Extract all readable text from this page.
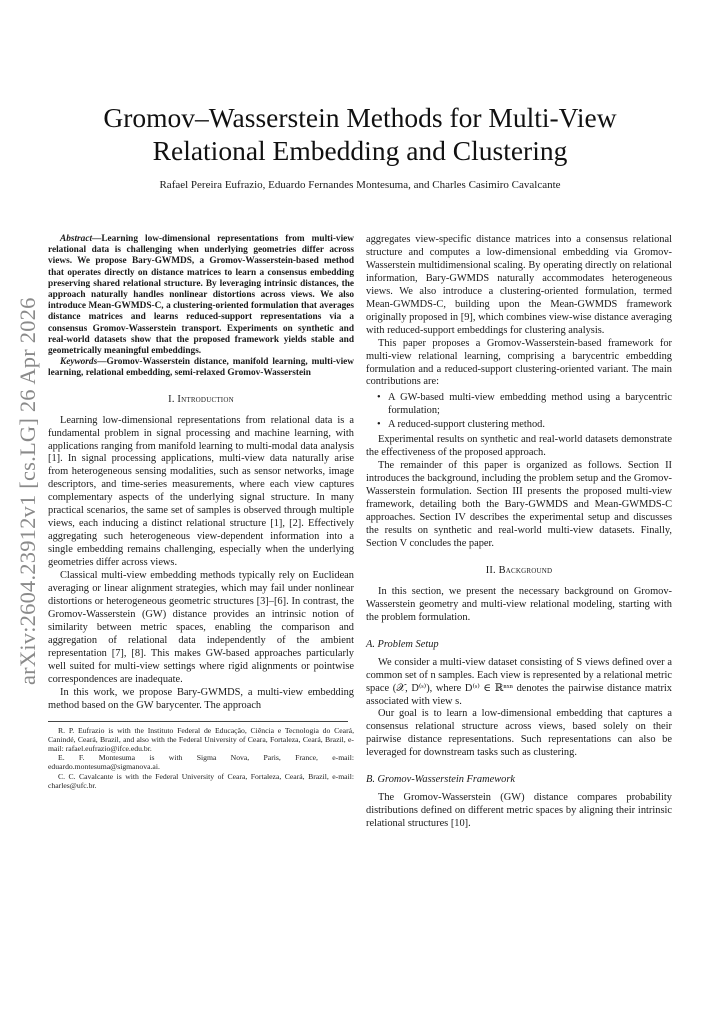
arXiv:2604.23912v1 [cs.LG] 26 Apr 2026
Gromov–Wasserstein Methods for Multi-View
Relational Embedding and Clustering
Rafael Pereira Eufrazio, Eduardo Fernandes Montesuma, and Charles Casimiro Cavalcante

Abstract—Learning low-dimensional representations from multi-view relational data is challenging when underlying geometries differ across views. We propose Bary-GWMDS, a Gromov-Wasserstein-based method that operates directly on distance matrices to learn a consensus embedding preserving shared relational structure. By leveraging intrinsic distances, the approach naturally handles nonlinear distortions across views. We also introduce Mean-GWMDS-C, a clustering-oriented formulation that averages distance matrices and learns reduced-support representations via a consensus Gromov-Wasserstein transport. Experiments on synthetic and real-world datasets show that the proposed framework yields stable and geometrically meaningful embeddings.

Keywords—Gromov-Wasserstein distance, manifold learning, multi-view learning, relational embedding, semi-relaxed Gromov-Wasserstein

I. Introduction

Learning low-dimensional representations from relational data is a fundamental problem in signal processing and machine learning, with applications ranging from manifold learning to multi-modal data analysis [1]. In signal processing applications, multi-view data naturally arise from heterogeneous sensing modalities, such as sensor networks, image descriptors, and time-series measurements, where each view captures complementary aspects of the underlying signal structure. In many practical scenarios, the same set of samples is observed through multiple views, each inducing a distinct relational structure [1], [2]. Effectively aggregating such heterogeneous view-dependent information into a single embedding remains challenging, especially when the underlying geometries differ across views.

Classical multi-view embedding methods typically rely on Euclidean averaging or linear alignment strategies, which may fail under nonlinear distortions or heterogeneous geometric structures [3]–[6]. In contrast, the Gromov-Wasserstein (GW) distance provides an intrinsic notion of similarity between metric spaces, enabling the comparison and aggregation of relational data independently of the ambient representation [7], [8]. This makes GW-based approaches particularly well suited for multi-view settings where rigid alignments or pointwise correspondences are inadequate.

In this work, we propose Bary-GWMDS, a multi-view embedding method based on the GW barycenter. The approach

R. P. Eufrazio is with the Instituto Federal de Educação, Ciência e Tecnologia do Ceará, Canindé, Ceará, Brazil, and also with the Federal University of Ceara, Fortaleza, Ceará, Brazil, e-mail: rafael.eufrazio@ifce.edu.br.

E. F. Montesuma is with Sigma Nova, Paris, France, e-mail: eduardo.montesuma@sigmanova.ai.

C. C. Cavalcante is with the Federal University of Ceara, Fortaleza, Ceará, Brazil, e-mail: charles@ufc.br.

aggregates view-specific distance matrices into a consensus relational structure and computes a low-dimensional embedding via Gromov-Wasserstein multidimensional scaling. By operating directly on relational information, Bary-GWMDS naturally accommodates heterogeneous views. We also introduce a clustering-oriented formulation, termed Mean-GWMDS-C, building upon the Mean-GWMDS framework originally proposed in [9], which combines view-wise distance averaging with reduced-support embeddings for clustering analysis.

This paper proposes a Gromov-Wasserstein-based framework for multi-view relational learning, comprising a barycentric embedding formulation and a reduced-support clustering-oriented variant. The main contributions are:

• A GW-based multi-view embedding method using a barycentric formulation;
• A reduced-support clustering method.

Experimental results on synthetic and real-world datasets demonstrate the effectiveness of the proposed approach.

The remainder of this paper is organized as follows. Section II introduces the background, including the problem setup and the Gromov-Wasserstein formulation. Section III presents the proposed multi-view framework, detailing both the Bary-GWMDS and Mean-GWMDS-C approaches. Section IV describes the experimental setup and discusses the results on synthetic and real-world multi-view datasets. Finally, Section V concludes the paper.

II. Background

In this section, we present the necessary background on Gromov-Wasserstein geometry and multi-view relational modeling, starting with the problem formulation.

A. Problem Setup

We consider a multi-view dataset consisting of S views defined over a common set of n samples. Each view is represented by a relational metric space (𝒳, D⁽ˢ⁾), where D⁽ˢ⁾ ∈ ℝⁿˣⁿ denotes the pairwise distance matrix associated with view s.

Our goal is to learn a low-dimensional embedding that captures a consensus relational structure across views, based solely on their pairwise distance representations. Such representations can also be leveraged for downstream tasks such as clustering.

B. Gromov-Wasserstein Framework

The Gromov-Wasserstein (GW) distance compares probability distributions defined on different metric spaces by aligning their intrinsic relational structures [10].
